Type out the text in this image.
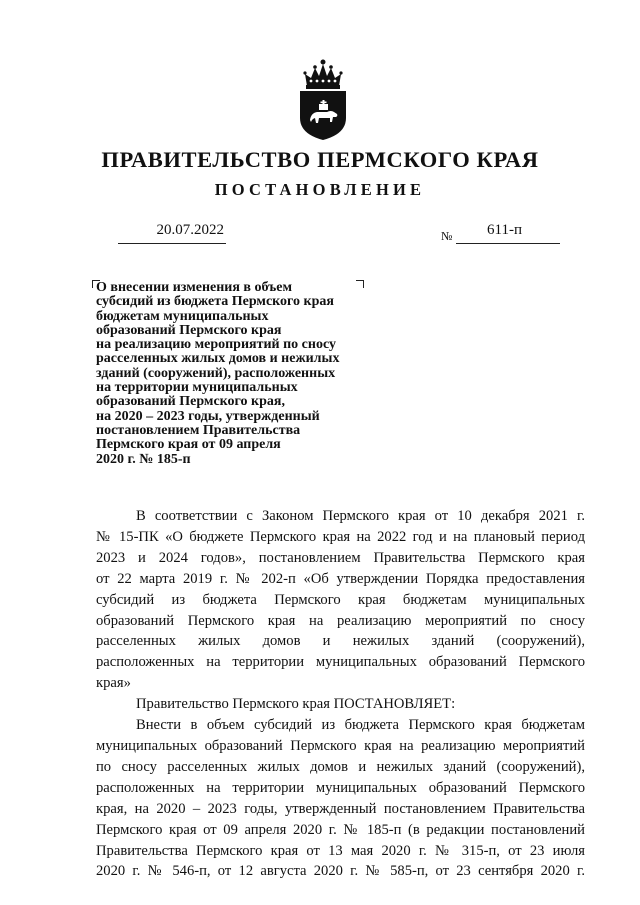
ПРАВИТЕЛЬСТВО ПЕРМСКОГО КРАЯ
ПОСТАНОВЛЕНИЕ
20.07.2022	№ 611-п
О внесении изменения в объем
субсидий из бюджета Пермского края
бюджетам муниципальных
образований Пермского края
на реализацию мероприятий по сносу
расселенных жилых домов и нежилых
зданий (сооружений), расположенных
на территории муниципальных
образований Пермского края,
на 2020 – 2023 годы, утвержденный
постановлением Правительства
Пермского края от 09 апреля
2020 г. № 185-п
В соответствии с Законом Пермского края от 10 декабря 2021 г.
№ 15-ПК «О бюджете Пермского края на 2022 год и на плановый период
2023 и 2024 годов», постановлением Правительства Пермского края
от 22 марта 2019 г. № 202-п «Об утверждении Порядка предоставления
субсидий из бюджета Пермского края бюджетам муниципальных
образований Пермского края на реализацию мероприятий по сносу
расселенных жилых домов и нежилых зданий (сооружений),
расположенных на территории муниципальных образований Пермского
края»
Правительство Пермского края ПОСТАНОВЛЯЕТ:
Внести в объем субсидий из бюджета Пермского края бюджетам
муниципальных образований Пермского края на реализацию мероприятий
по сносу расселенных жилых домов и нежилых зданий (сооружений),
расположенных на территории муниципальных образований Пермского
края, на 2020 – 2023 годы, утвержденный постановлением Правительства
Пермского края от 09 апреля 2020 г. № 185-п (в редакции постановлений
Правительства Пермского края от 13 мая 2020 г. № 315-п, от 23 июля
2020 г. № 546-п, от 12 августа 2020 г. № 585-п, от 23 сентября 2020 г.
